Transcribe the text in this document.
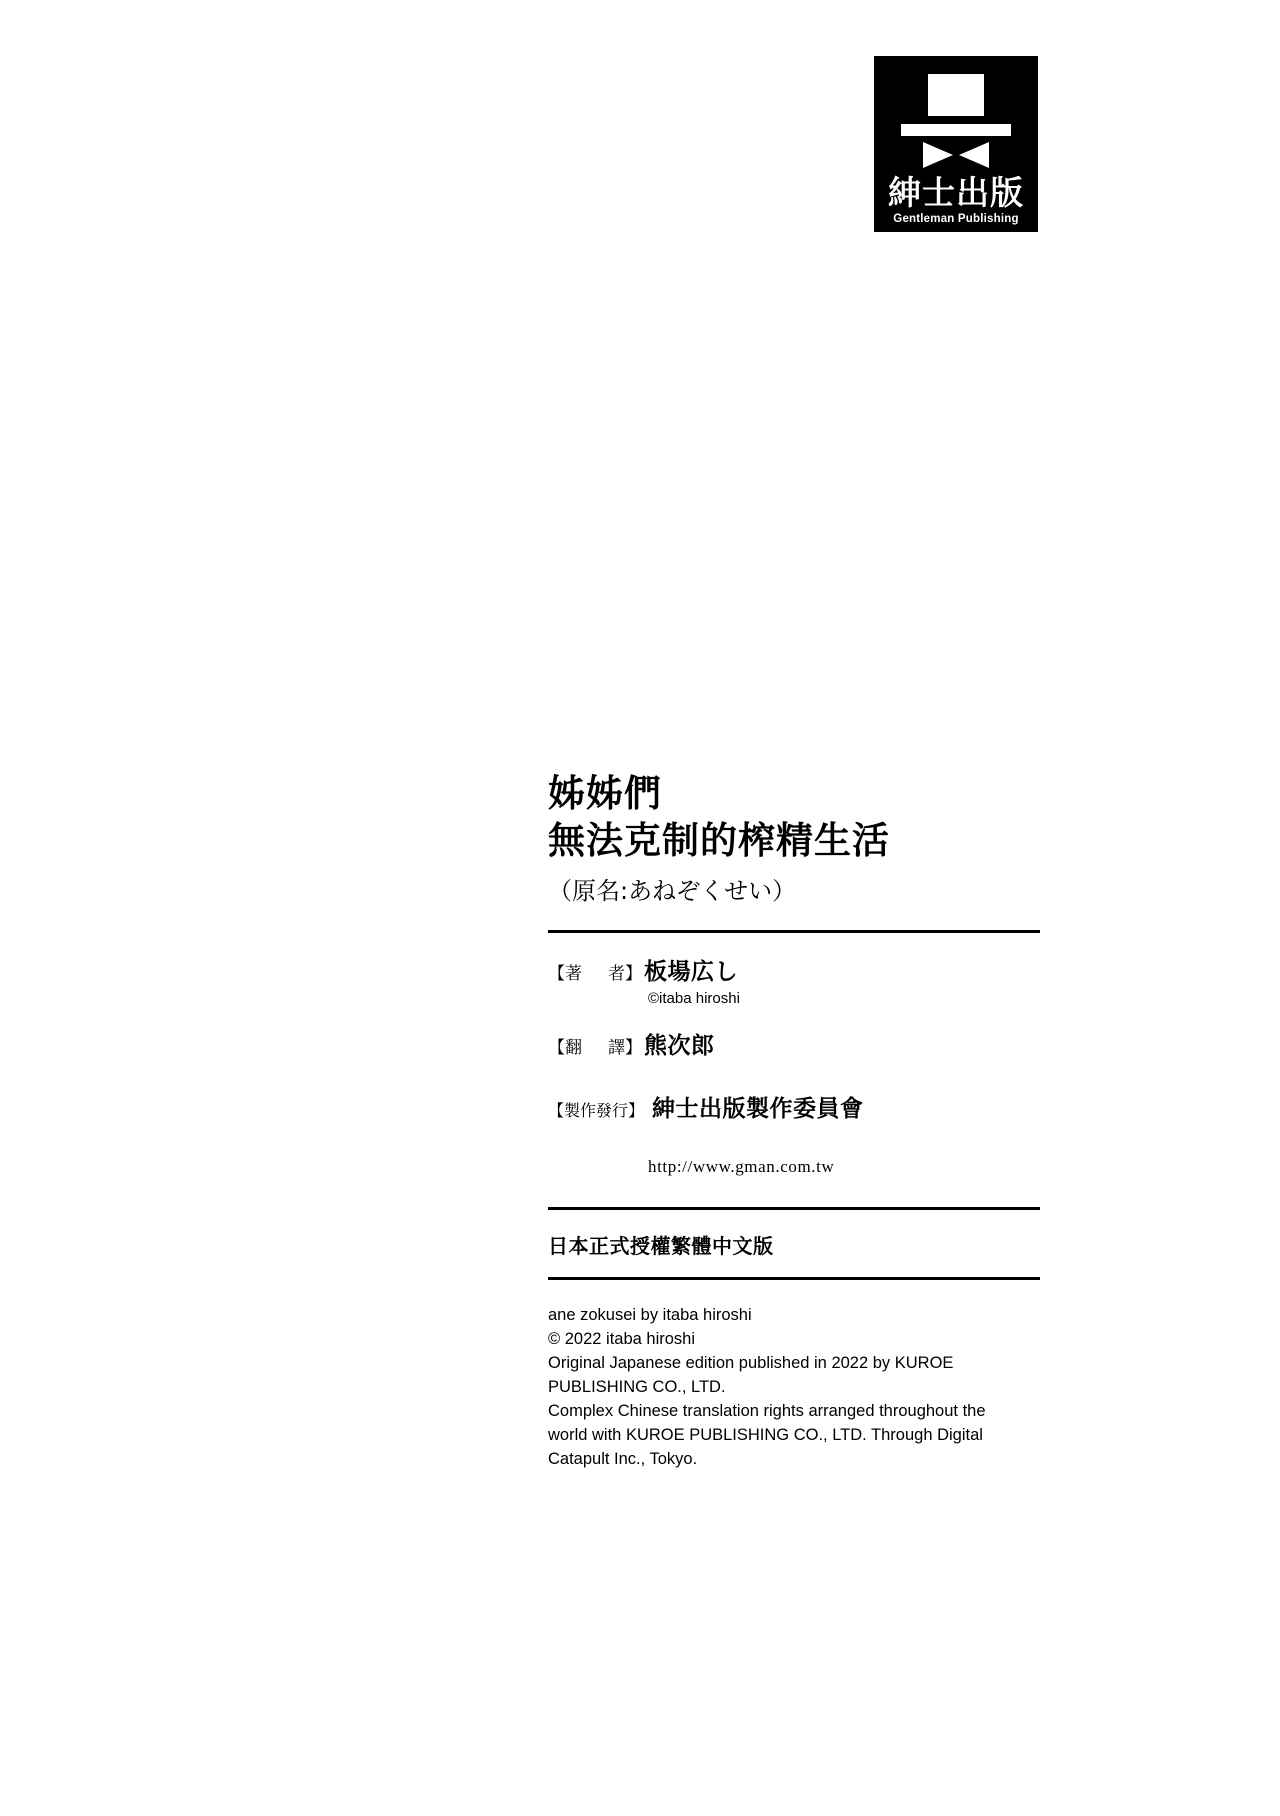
紳士出版
Gentleman Publishing
姊姊們
無法克制的榨精生活
（原名:あねぞくせい）
【著 者】 板場広し
©itaba hiroshi
【翻 譯】 熊次郎
【製作發行】 紳士出版製作委員會
http://www.gman.com.tw
日本正式授權繁體中文版
ane zokusei by itaba hiroshi
© 2022 itaba hiroshi
Original Japanese edition published in 2022 by KUROE
PUBLISHING CO., LTD.
Complex Chinese translation rights arranged throughout the
world with KUROE PUBLISHING CO., LTD. Through Digital
Catapult Inc., Tokyo.
